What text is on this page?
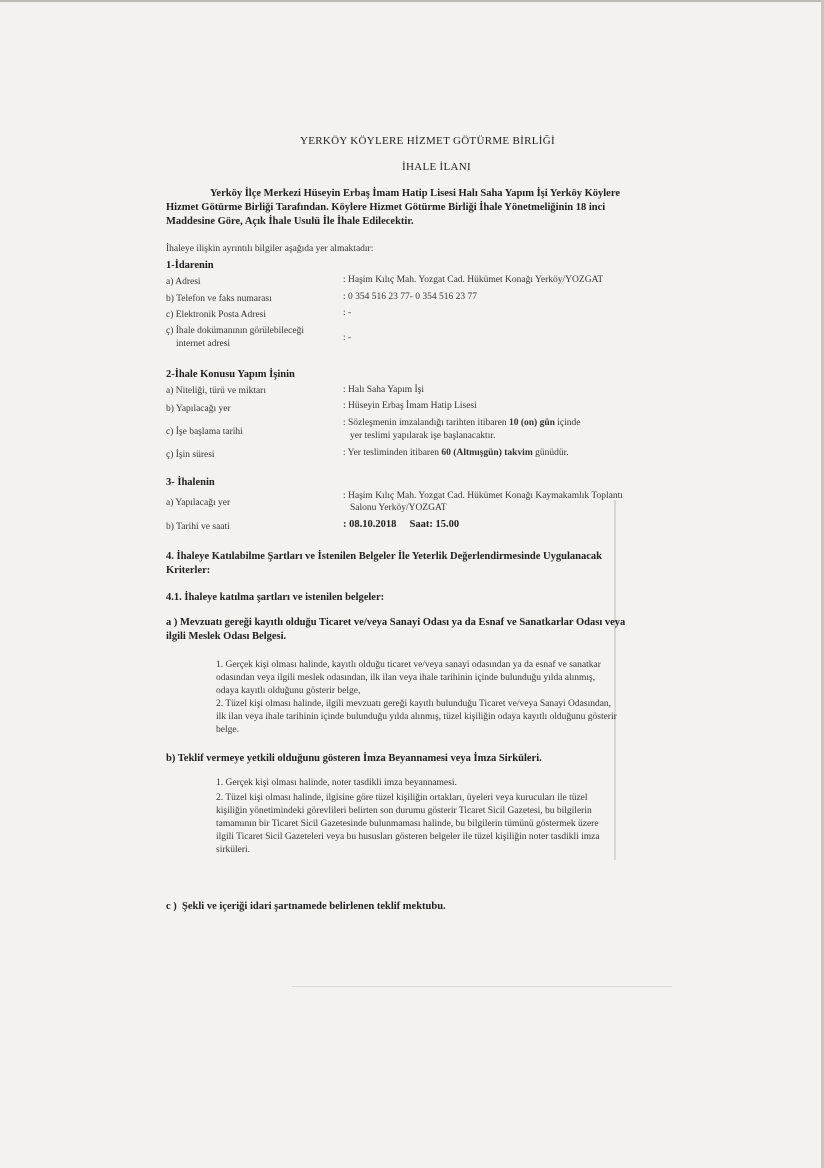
YERKÖY KÖYLERE HİZMET GÖTÜRME BİRLİĞİ
İHALE İLANI
Yerköy İlçe Merkezi Hüseyin Erbaş İmam Hatip Lisesi Halı Saha Yapım İşi Yerköy Köylere
Hizmet Götürme Birliği Tarafından. Köylere Hizmet Götürme Birliği İhale Yönetmeliğinin 18 inci
Maddesine Göre, Açık İhale Usulü İle İhale Edilecektir.
İhaleye ilişkin ayrıntılı bilgiler aşağıda yer almaktadır:
1-İdarenin
a) Adresi	: Haşim Kılıç Mah. Yozgat Cad. Hükümet Konağı Yerköy/YOZGAT
b) Telefon ve faks numarası	: 0 354 516 23 77- 0 354 516 23 77
c) Elektronik Posta Adresi	: -
ç) İhale dokümanının görülebileceği
internet adresi
: -
2-İhale Konusu Yapım İşinin
a) Niteliği, türü ve miktarı	: Halı Saha Yapım İşi
b) Yapılacağı yer	: Hüseyin Erbaş İmam Hatip Lisesi
c) İşe başlama tarihi
: Sözleşmenin imzalandığı tarihten itibaren 10 (on) gün içinde
yer teslimi yapılarak işe başlanacaktır.
ç) İşin süresi	: Yer tesliminden itibaren 60 (Altmışgün) takvim günüdür.
3- İhalenin
a) Yapılacağı yer
: Haşim Kılıç Mah. Yozgat Cad. Hükümet Konağı Kaymakamlık Toplantı
Salonu Yerköy/YOZGAT
b) Tarihi ve saati	: 08.10.2018     Saat: 15.00
4. İhaleye Katılabilme Şartları ve İstenilen Belgeler İle Yeterlik Değerlendirmesinde Uygulanacak
Kriterler:
4.1. İhaleye katılma şartları ve istenilen belgeler:
a ) Mevzuatı gereği kayıtlı olduğu Ticaret ve/veya Sanayi Odası ya da Esnaf ve Sanatkarlar Odası veya
ilgili Meslek Odası Belgesi.
1. Gerçek kişi olması halinde, kayıtlı olduğu ticaret ve/veya sanayi odasından ya da esnaf ve sanatkar
odasından veya ilgili meslek odasından, ilk ilan veya ihale tarihinin içinde bulunduğu yılda alınmış,
odaya kayıtlı olduğunu gösterir belge,
2. Tüzel kişi olması halinde, ilgili mevzuatı gereği kayıtlı bulunduğu Ticaret ve/veya Sanayi Odasından,
ilk ilan veya ihale tarihinin içinde bulunduğu yılda alınmış, tüzel kişiliğin odaya kayıtlı olduğunu gösterir
belge.
b) Teklif vermeye yetkili olduğunu gösteren İmza Beyannamesi veya İmza Sirküleri.
1. Gerçek kişi olması halinde, noter tasdikli imza beyannamesi.
2. Tüzel kişi olması halinde, ilgisine göre tüzel kişiliğin ortakları, üyeleri veya kurucuları ile tüzel
kişiliğin yönetimindeki görevlileri belirten son durumu gösterir Ticaret Sicil Gazetesi, bu bilgilerin
tamamının bir Ticaret Sicil Gazetesinde bulunmaması halinde, bu bilgilerin tümünü göstermek üzere
ilgili Ticaret Sicil Gazeteleri veya bu hususları gösteren belgeler ile tüzel kişiliğin noter tasdikli imza
sirküleri.
c )  Şekli ve içeriği idari şartnamede belirlenen teklif mektubu.
